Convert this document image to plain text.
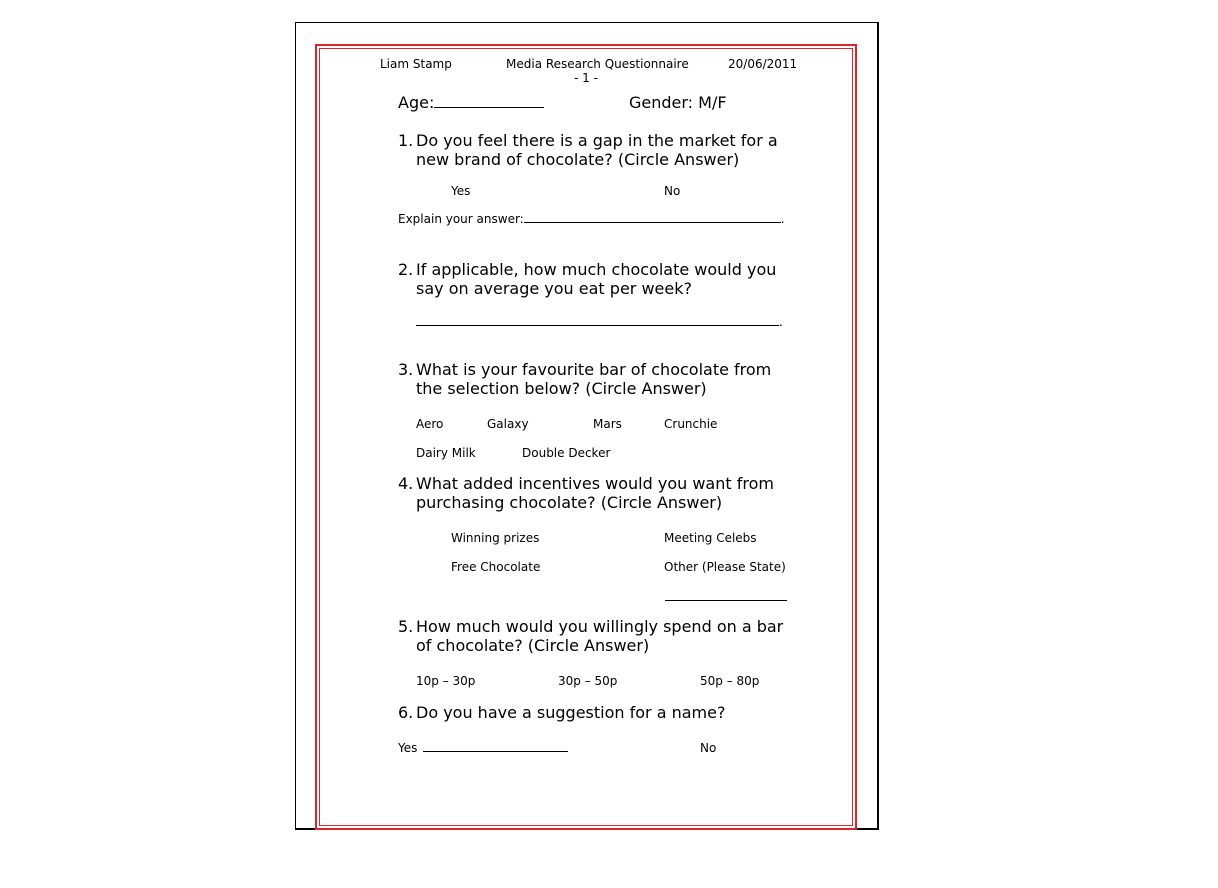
Liam Stamp	Media Research Questionnaire	20/06/2011
- 1 -
Age:	Gender: M/F
1. Do you feel there is a gap in the market for a
new brand of chocolate? (Circle Answer)
Yes	No
Explain your answer:	.
2. If applicable, how much chocolate would you
say on average you eat per week?
.
3. What is your favourite bar of chocolate from
the selection below? (Circle Answer)
Aero	Galaxy	Mars	Crunchie
Dairy Milk	Double Decker
4. What added incentives would you want from
purchasing chocolate? (Circle Answer)
Winning prizes	Meeting Celebs
Free Chocolate	Other (Please State)
5. How much would you willingly spend on a bar
of chocolate? (Circle Answer)
10p – 30p	30p – 50p	50p – 80p
6. Do you have a suggestion for a name?
Yes	No
